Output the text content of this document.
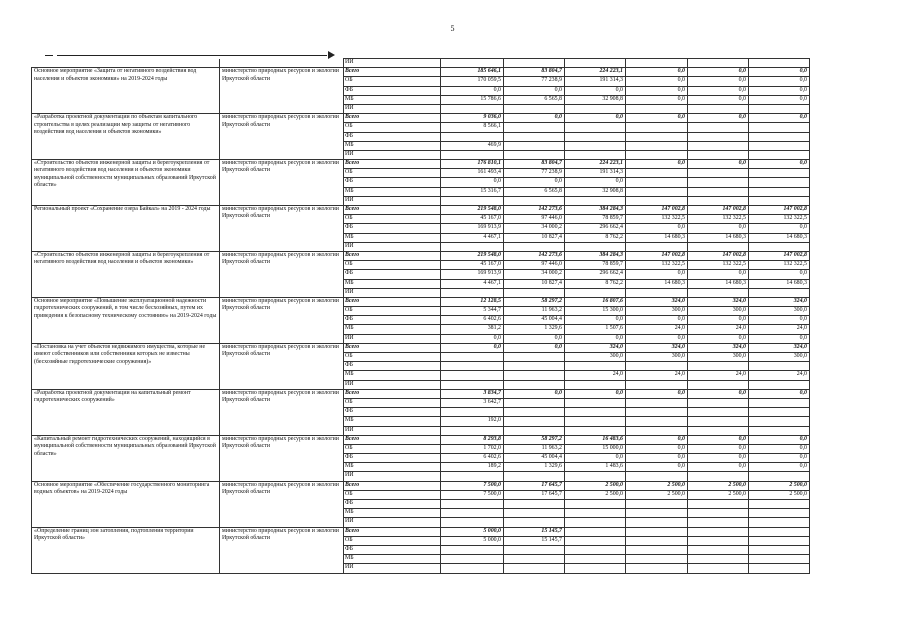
5
		ИИ						
Основное мероприятие «Защита от негативного воздействия вод населения и объектов экономики» на 2019-2024 годы	министерство природных ресурсов и экологии Иркутской области	Всего	185 646,1	83 804,7	224 223,1	0,0	0,0	0,0
		ОБ	170 059,5	77 238,9	191 314,3	0,0	0,0	0,0
		ФБ	0,0	0,0	0,0	0,0	0,0	0,0
		МБ	15 786,6	6 565,8	32 908,8	0,0	0,0	0,0
		ИИ						
«Разработка проектной документации по объектам капитального строительства в целях реализации мер защиты от негативного воздействия вод населения и объектов экономики»	министерство природных ресурсов и экологии Иркутской области	Всего	9 036,0	0,0	0,0	0,0	0,0	0,0
		ОБ	8 566,1					
		ФБ						
		МБ	469,9					
		ИИ						
«Строительство объектов инженерной защиты и берегоукрепления от негативного воздействия вод населения и объектов экономики муниципальной собственности муниципальных образований Иркутской области»	министерство природных ресурсов и экологии Иркутской области	Всего	176 810,1	83 804,7	224 223,1	0,0	0,0	0,0
		ОБ	161 493,4	77 238,9	191 314,3			
		ФБ	0,0	0,0	0,0			
		МБ	15 316,7	6 565,8	32 908,8			
		ИИ						
Региональный проект «Сохранение озера Байкал» на 2019 - 2024 годы	министерство природных ресурсов и экологии Иркутской области	Всего	219 548,0	142 273,6	384 284,3	147 002,8	147 002,8	147 002,8
		ОБ	45 167,0	97 446,0	78 859,7	132 322,5	132 322,5	132 322,5
		ФБ	169 913,9	34 000,2	296 662,4	0,0	0,0	0,0
		МБ	4 467,1	10 827,4	8 762,2	14 680,3	14 680,3	14 680,3
		ИИ						
«Строительство объектов инженерной защиты и берегоукрепления от негативного воздействия вод населения и объектов экономики»	министерство природных ресурсов и экологии Иркутской области	Всего	219 548,0	142 273,6	384 284,3	147 002,8	147 002,8	147 002,8
		ОБ	45 167,0	97 446,0	78 859,7	132 322,5	132 322,5	132 322,5
		ФБ	169 913,9	34 000,2	296 662,4	0,0	0,0	0,0
		МБ	4 467,1	10 827,4	8 762,2	14 680,3	14 680,3	14 680,3
		ИИ						
Основное мероприятие «Повышение эксплуатационной надежности гидротехнических сооружений, в том числе бесхозяйных, путем их приведения к безопасному техническому состоянию» на 2019-2024 годы	министерство природных ресурсов и экологии Иркутской области	Всего	12 128,5	58 297,2	16 807,6	324,0	324,0	324,0
		ОБ	5 344,7	11 963,2	15 300,0	300,0	300,0	300,0
		ФБ	6 402,6	45 004,4	0,0	0,0	0,0	0,0
		МБ	381,2	1 329,6	1 507,6	24,0	24,0	24,0
		ИИ	0,0	0,0	0,0	0,0	0,0	0,0
«Постановка на учет объектов недвижимого имущества, которые не имеют собственников или собственники которых не известны (бесхозяйные гидротехнические сооружения)»	министерство природных ресурсов и экологии Иркутской области	Всего	0,0	0,0	324,0	324,0	324,0	324,0
		ОБ			300,0	300,0	300,0	300,0
		ФБ						
		МБ			24,0	24,0	24,0	24,0
		ИИ						
«Разработка проектной документации на капитальный ремонт гидротехнических сооружений»	министерство природных ресурсов и экологии Иркутской области	Всего	3 834,7	0,0	0,0	0,0	0,0	0,0
		ОБ	3 642,7					
		ФБ						
		МБ	192,0					
		ИИ						
«Капитальный ремонт гидротехнических сооружений, находящийся в муниципальной собственности муниципальных образований Иркутской области»	министерство природных ресурсов и экологии Иркутской области	Всего	8 293,8	58 297,2	16 483,6	0,0	0,0	0,0
		ОБ	1 702,0	11 963,2	15 000,0	0,0	0,0	0,0
		ФБ	6 402,6	45 004,4	0,0	0,0	0,0	0,0
		МБ	189,2	1 329,6	1 483,6	0,0	0,0	0,0
		ИИ						
Основное мероприятие «Обеспечение государственного мониторинга водных объектов» на 2019-2024 годы	министерство природных ресурсов и экологии Иркутской области	Всего	7 500,0	17 645,7	2 500,0	2 500,0	2 500,0	2 500,0
		ОБ	7 500,0	17 645,7	2 500,0	2 500,0	2 500,0	2 500,0
		ФБ						
		МБ						
		ИИ						
«Определение границ зон затопления, подтопления территории Иркутской области»	министерство природных ресурсов и экологии Иркутской области	Всего	5 000,0	15 145,7				
		ОБ	5 000,0	15 145,7				
		ФБ						
		МБ						
		ИИ						
